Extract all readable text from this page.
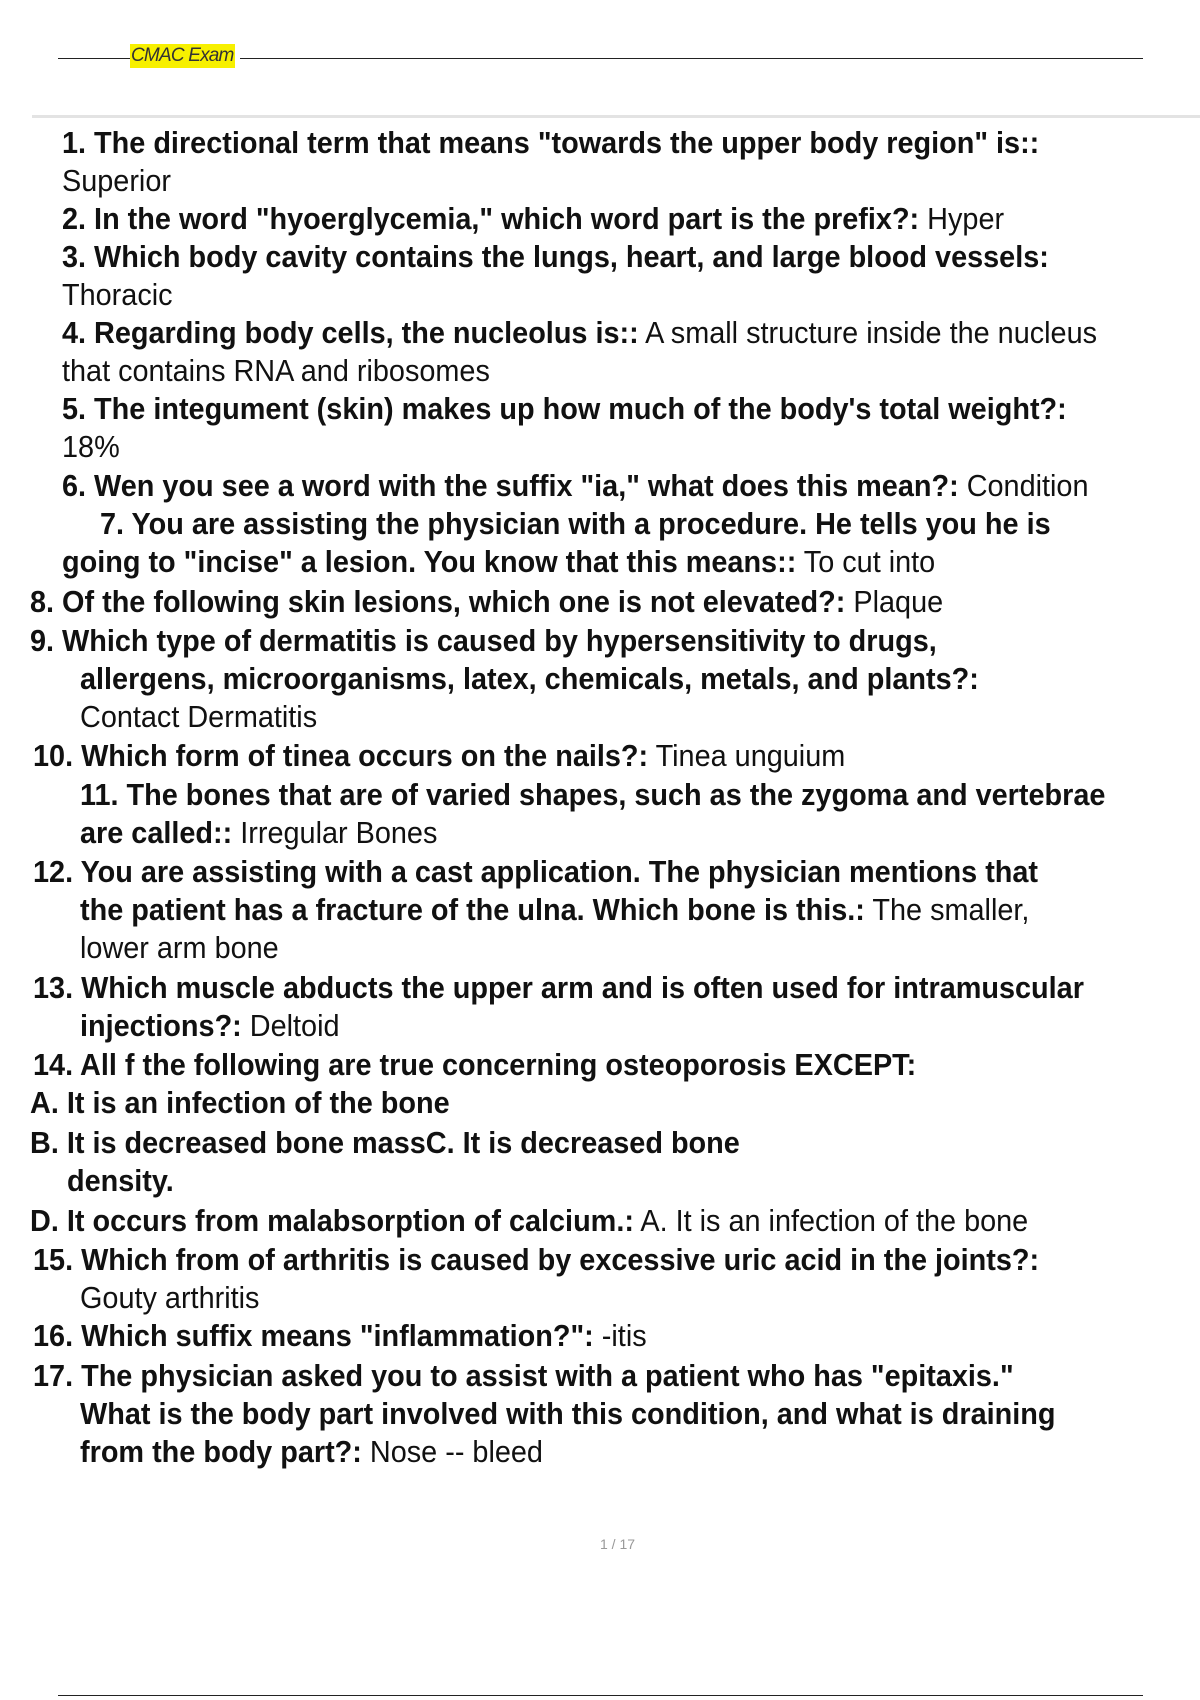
CMAC Exam
1. The directional term that means "towards the upper body region" is::
Superior
2. In the word "hyoerglycemia," which word part is the prefix?: Hyper
3. Which body cavity contains the lungs, heart, and large blood vessels:
Thoracic
4. Regarding body cells, the nucleolus is:: A small structure inside the nucleus
that contains RNA and ribosomes
5. The integument (skin) makes up how much of the body's total weight?:
18%
6. Wen you see a word with the suffix "ia," what does this mean?: Condition
7. You are assisting the physician with a procedure. He tells you he is
going to "incise" a lesion. You know that this means:: To cut into
8. Of the following skin lesions, which one is not elevated?: Plaque
9. Which type of dermatitis is caused by hypersensitivity to drugs,
allergens, microorganisms, latex, chemicals, metals, and plants?:
Contact Dermatitis
10. Which form of tinea occurs on the nails?: Tinea unguium
11. The bones that are of varied shapes, such as the zygoma and vertebrae
are called:: Irregular Bones
12. You are assisting with a cast application. The physician mentions that
the patient has a fracture of the ulna. Which bone is this.: The smaller,
lower arm bone
13. Which muscle abducts the upper arm and is often used for intramuscular
injections?: Deltoid
14. All f the following are true concerning osteoporosis EXCEPT:
A. It is an infection of the bone
B. It is decreased bone massC. It is decreased bone
density.
D. It occurs from malabsorption of calcium.: A. It is an infection of the bone
15. Which from of arthritis is caused by excessive uric acid in the joints?:
Gouty arthritis
16. Which suffix means "inflammation?": -itis
17. The physician asked you to assist with a patient who has "epitaxis."
What is the body part involved with this condition, and what is draining
from the body part?: Nose -- bleed
1 / 17
